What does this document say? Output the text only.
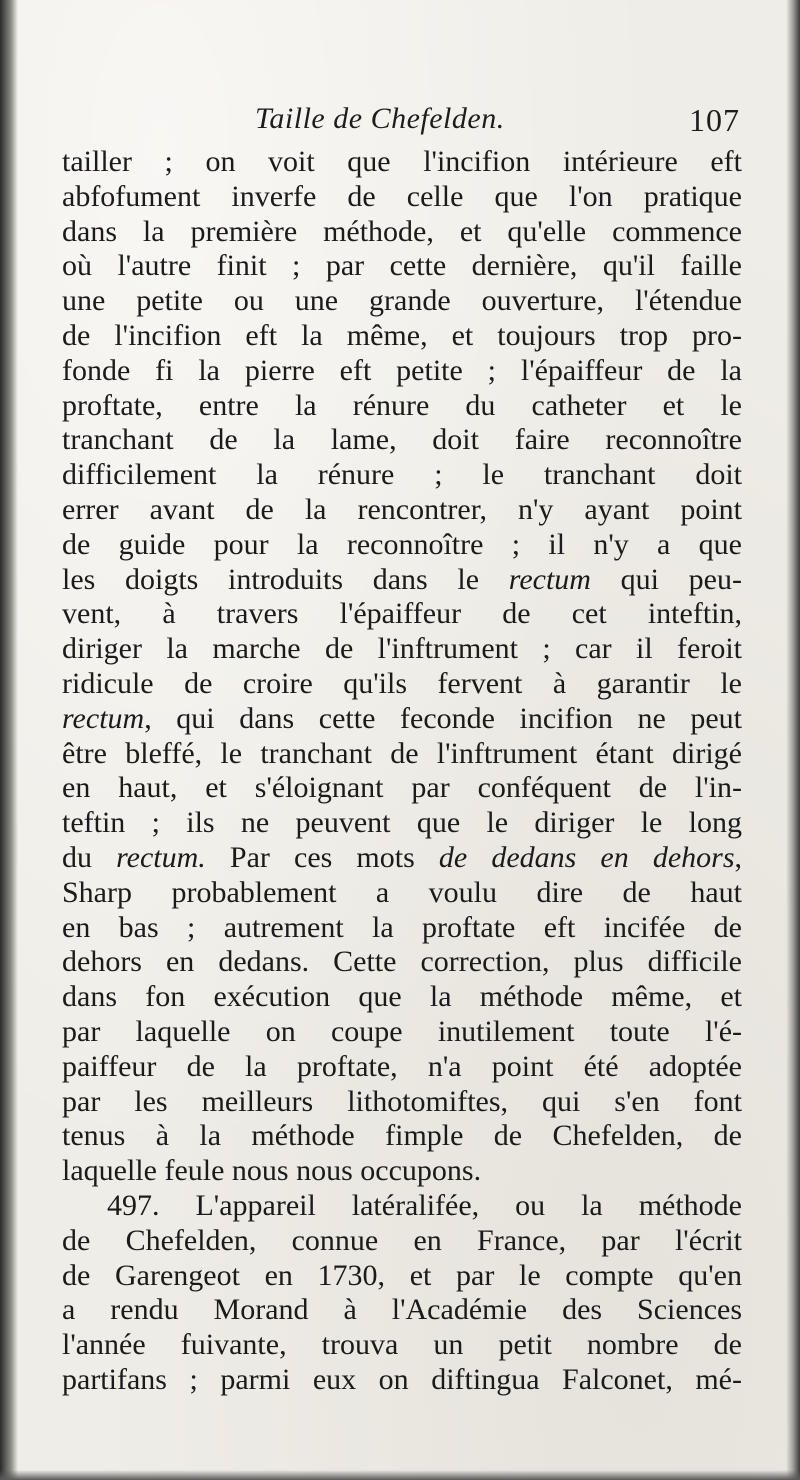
Taille de Chefelden.	107
tailler ; on voit que l'incifion intérieure eft
abfofument inverfe de celle que l'on pratique
dans la première méthode, et qu'elle commence
où l'autre finit ; par cette dernière, qu'il faille
une petite ou une grande ouverture, l'étendue
de l'incifion eft la même, et toujours trop pro-
fonde fi la pierre eft petite ; l'épaiffeur de la
proftate, entre la rénure du catheter et le
tranchant de la lame, doit faire reconnoître
difficilement la rénure ; le tranchant doit
errer avant de la rencontrer, n'y ayant point
de guide pour la reconnoître ; il n'y a que
les doigts introduits dans le rectum qui peu-
vent, à travers l'épaiffeur de cet inteftin,
diriger la marche de l'inftrument ; car il feroit
ridicule de croire qu'ils fervent à garantir le
rectum, qui dans cette feconde incifion ne peut
être bleffé, le tranchant de l'inftrument étant dirigé
en haut, et s'éloignant par conféquent de l'in-
teftin ; ils ne peuvent que le diriger le long
du rectum. Par ces mots de dedans en dehors,
Sharp probablement a voulu dire de haut
en bas ; autrement la proftate eft incifée de
dehors en dedans. Cette correction, plus difficile
dans fon exécution que la méthode même, et
par laquelle on coupe inutilement toute l'é-
paiffeur de la proftate, n'a point été adoptée
par les meilleurs lithotomiftes, qui s'en font
tenus à la méthode fimple de Chefelden, de
laquelle feule nous nous occupons.
497. L'appareil latéralifée, ou la méthode
de Chefelden, connue en France, par l'écrit
de Garengeot en 1730, et par le compte qu'en
a rendu Morand à l'Académie des Sciences
l'année fuivante, trouva un petit nombre de
partifans ; parmi eux on diftingua Falconet, mé-
